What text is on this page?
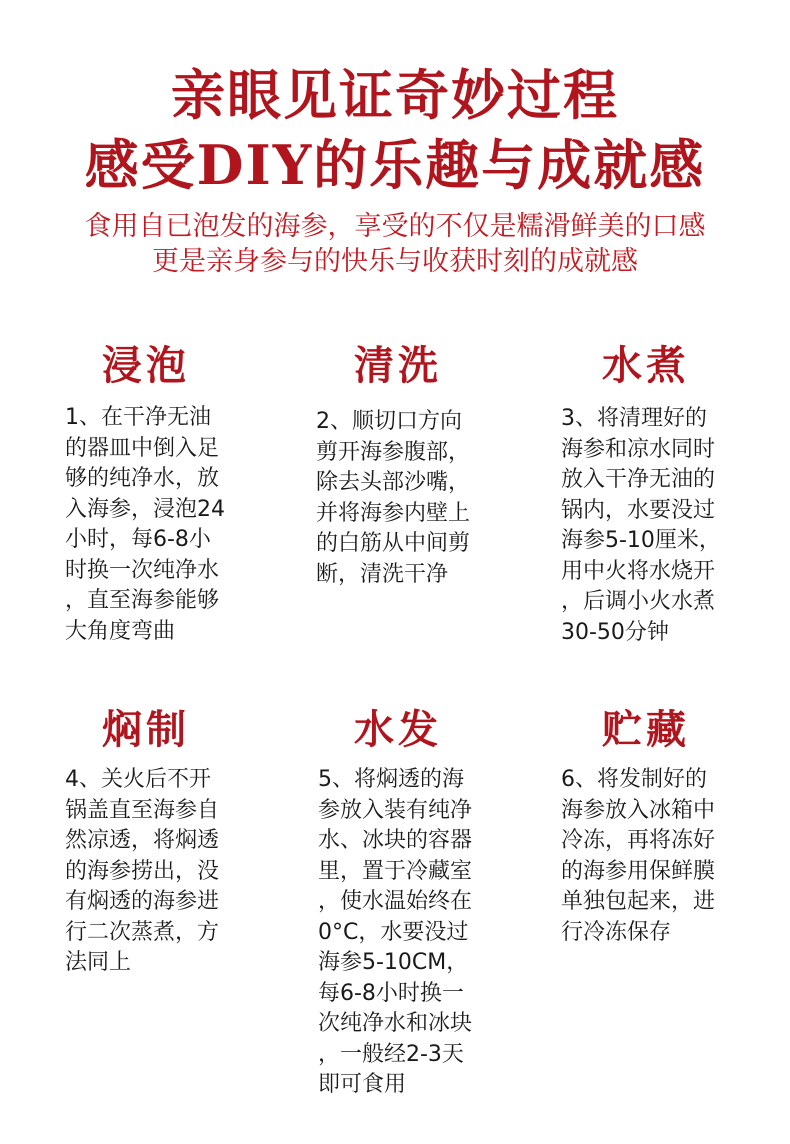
亲眼见证奇妙过程
感受DIY的乐趣与成就感
食用自已泡发的海参，享受的不仅是糯滑鲜美的口感
更是亲身参与的快乐与收获时刻的成就感
浸泡
1、在干净无油
的器皿中倒入足
够的纯净水，放
入海参，浸泡24
小时，每6-8小
时换一次纯净水
，直至海参能够
大角度弯曲
清洗
2、顺切口方向
剪开海参腹部，
除去头部沙嘴，
并将海参内壁上
的白筋从中间剪
断，清洗干净
水煮
3、将清理好的
海参和凉水同时
放入干净无油的
锅内，水要没过
海参5-10厘米，
用中火将水烧开
，后调小火水煮
30-50分钟
焖制
4、关火后不开
锅盖直至海参自
然凉透，将焖透
的海参捞出，没
有焖透的海参进
行二次蒸煮，方
法同上
水发
5、将焖透的海
参放入装有纯净
水、冰块的容器
里，置于冷藏室
，使水温始终在
0°C，水要没过
海参5-10CM，
每6-8小时换一
次纯净水和冰块
，一般经2-3天
即可食用
贮藏
6、将发制好的
海参放入冰箱中
冷冻，再将冻好
的海参用保鲜膜
单独包起来，进
行冷冻保存
